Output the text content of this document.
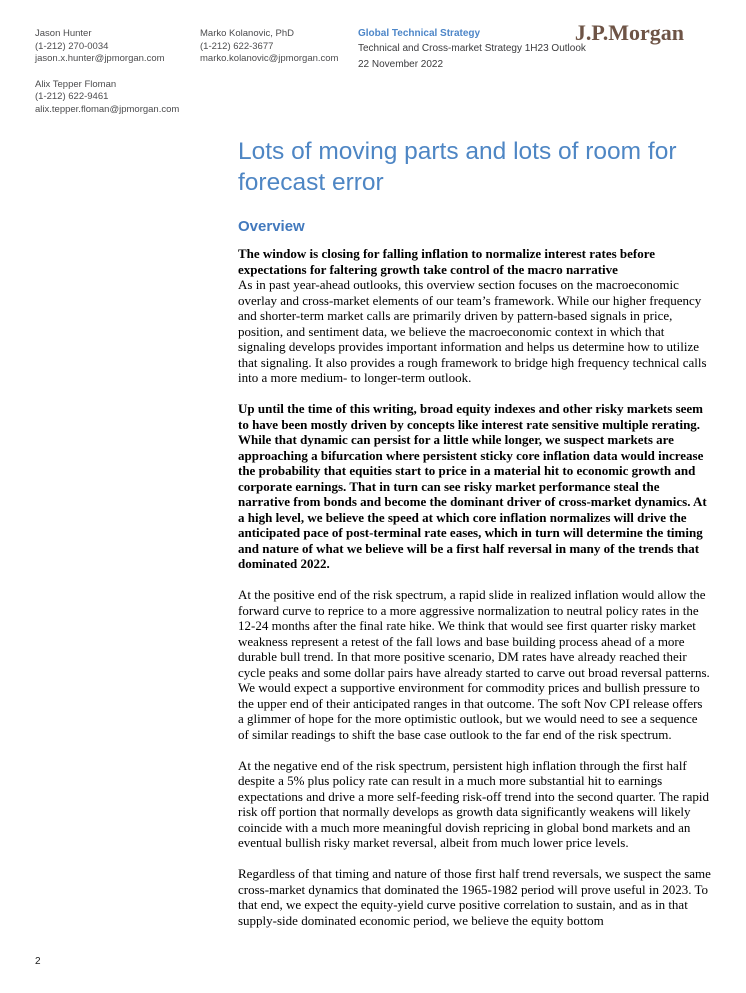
Jason Hunter
(1-212) 270-0034
jason.x.hunter@jpmorgan.com
Alix Tepper Floman
(1-212) 622-9461
alix.tepper.floman@jpmorgan.com
Marko Kolanovic, PhD
(1-212) 622-3677
marko.kolanovic@jpmorgan.com
Global Technical Strategy
Technical and Cross-market Strategy 1H23 Outlook
22 November 2022
J.P.Morgan
Lots of moving parts and lots of room for forecast error
Overview

The window is closing for falling inflation to normalize interest rates before expectations for faltering growth take control of the macro narrative

As in past year-ahead outlooks, this overview section focuses on the macroeconomic overlay and cross-market elements of our team’s framework. While our higher frequency and shorter-term market calls are primarily driven by pattern-based signals in price, position, and sentiment data, we believe the macroeconomic context in which that signaling develops provides important information and helps us determine how to utilize that signaling. It also provides a rough framework to bridge high frequency technical calls into a more medium- to longer-term outlook.

Up until the time of this writing, broad equity indexes and other risky markets seem to have been mostly driven by concepts like interest rate sensitive multiple rerating. While that dynamic can persist for a little while longer, we suspect markets are approaching a bifurcation where persistent sticky core inflation data would increase the probability that equities start to price in a material hit to economic growth and corporate earnings. That in turn can see risky market performance steal the narrative from bonds and become the dominant driver of cross-market dynamics. At a high level, we believe the speed at which core inflation normalizes will drive the anticipated pace of post-terminal rate eases, which in turn will determine the timing and nature of what we believe will be a first half reversal in many of the trends that dominated 2022.

At the positive end of the risk spectrum, a rapid slide in realized inflation would allow the forward curve to reprice to a more aggressive normalization to neutral policy rates in the 12-24 months after the final rate hike. We think that would see first quarter risky market weakness represent a retest of the fall lows and base building process ahead of a more durable bull trend. In that more positive scenario, DM rates have already reached their cycle peaks and some dollar pairs have already started to carve out broad reversal patterns. We would expect a supportive environment for commodity prices and bullish pressure to the upper end of their anticipated ranges in that outcome. The soft Nov CPI release offers a glimmer of hope for the more optimistic outlook, but we would need to see a sequence of similar readings to shift the base case outlook to the far end of the risk spectrum.

At the negative end of the risk spectrum, persistent high inflation through the first half despite a 5% plus policy rate can result in a much more substantial hit to earnings expectations and drive a more self-feeding risk-off trend into the second quarter. The rapid risk off portion that normally develops as growth data significantly weakens will likely coincide with a much more meaningful dovish repricing in global bond markets and an eventual bullish risky market reversal, albeit from much lower price levels.

Regardless of that timing and nature of those first half trend reversals, we suspect the same cross-market dynamics that dominated the 1965-1982 period will prove useful in 2023. To that end, we expect the equity-yield curve positive correlation to sustain, and as in that supply-side dominated economic period, we believe the equity bottom

2
